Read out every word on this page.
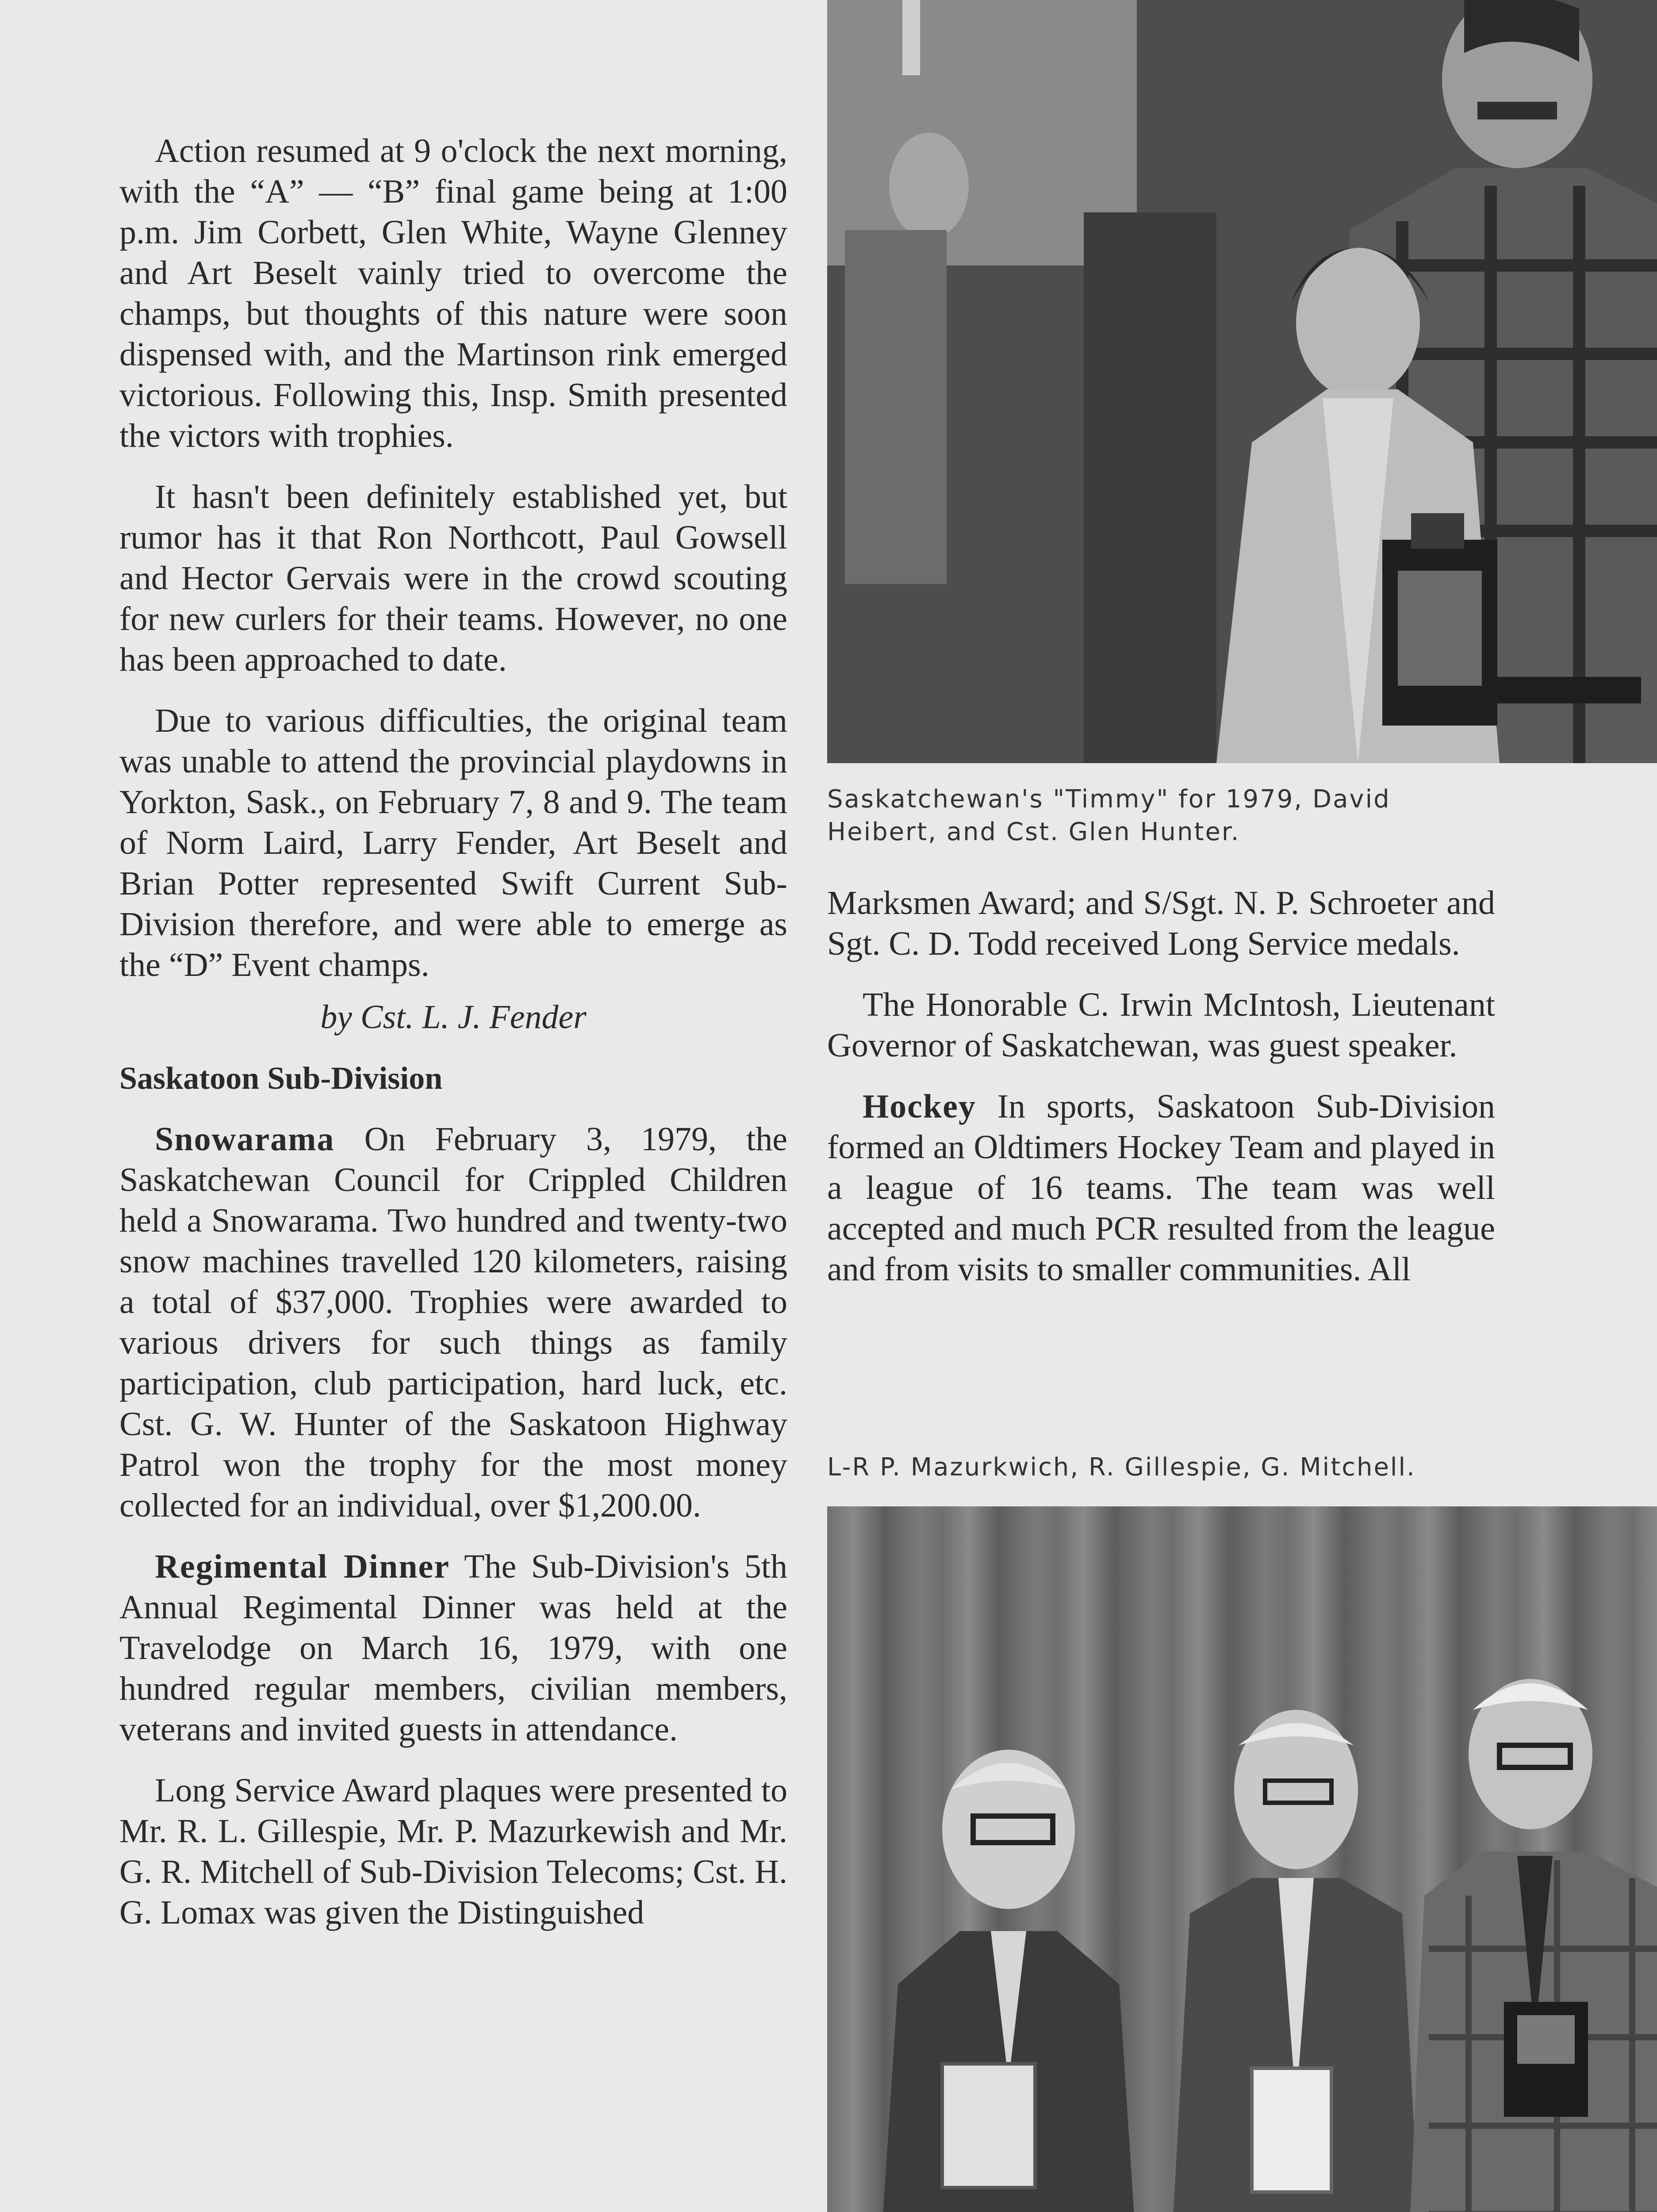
Saskatchewan's "Timmy" for 1979, David Heibert, and Cst. Glen Hunter.

Action resumed at 9 o'clock the next morning, with the “A” — “B” final game being at 1:00 p.m. Jim Corbett, Glen White, Wayne Glenney and Art Beselt vainly tried to overcome the champs, but thoughts of this nature were soon dispensed with, and the Martinson rink emerged victorious. Following this, Insp. Smith presented the victors with trophies.

It hasn't been definitely established yet, but rumor has it that Ron Northcott, Paul Gowsell and Hector Gervais were in the crowd scouting for new curlers for their teams. However, no one has been approached to date.

Due to various difficulties, the original team was unable to attend the provincial playdowns in Yorkton, Sask., on February 7, 8 and 9. The team of Norm Laird, Larry Fender, Art Beselt and Brian Potter represented Swift Current Sub-Division therefore, and were able to emerge as the “D” Event champs.

by Cst. L. J. Fender
Saskatoon Sub-Division

Snowarama On February 3, 1979, the Saskatchewan Council for Crippled Children held a Snowarama. Two hundred and twenty-two snow machines travelled 120 kilometers, raising a total of $37,000. Trophies were awarded to various drivers for such things as family participation, club participation, hard luck, etc. Cst. G. W. Hunter of the Saskatoon Highway Patrol won the trophy for the most money collected for an individual, over $1,200.00.

Regimental Dinner The Sub-Division's 5th Annual Regimental Dinner was held at the Travelodge on March 16, 1979, with one hundred regular members, civilian members, veterans and invited guests in attendance.

Long Service Award plaques were presented to Mr. R. L. Gillespie, Mr. P. Mazurkewish and Mr. G. R. Mitchell of Sub-Division Telecoms; Cst. H. G. Lomax was given the Distinguished

Marksmen Award; and S/Sgt. N. P. Schroeter and Sgt. C. D. Todd received Long Service medals.

The Honorable C. Irwin McIntosh, Lieutenant Governor of Saskatchewan, was guest speaker.

Hockey In sports, Saskatoon Sub-Division formed an Oldtimers Hockey Team and played in a league of 16 teams. The team was well accepted and much PCR resulted from the league and from visits to smaller communities. All

L-R P. Mazurkwich, R. Gillespie, G. Mitchell.
